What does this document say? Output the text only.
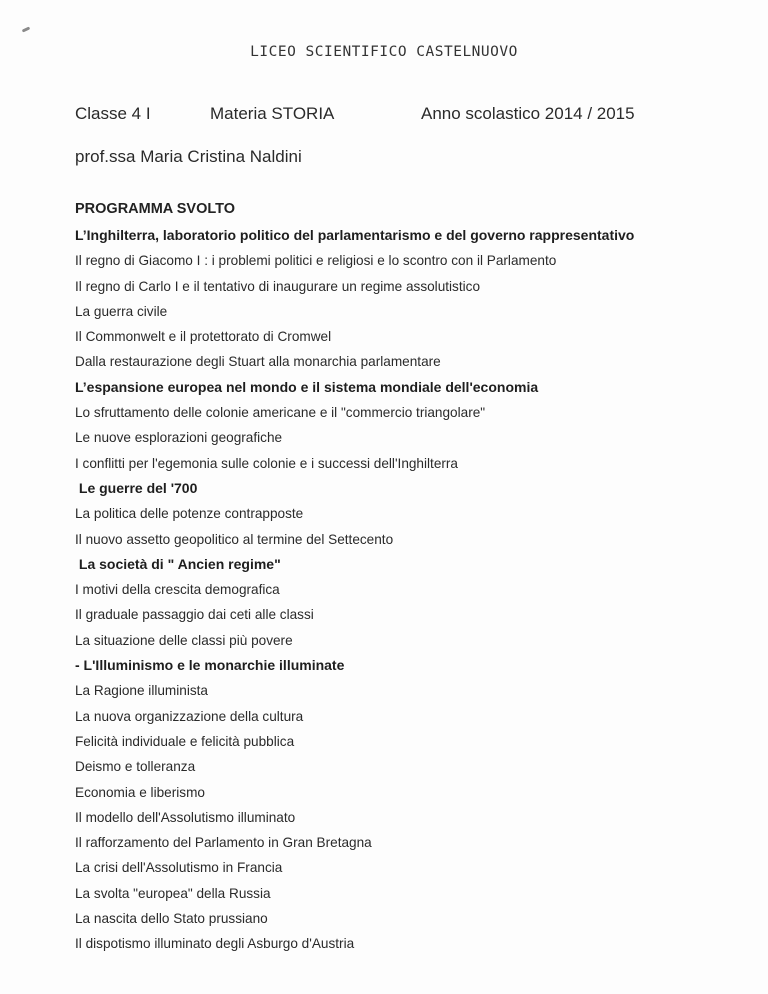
LICEO SCIENTIFICO CASTELNUOVO
Classe 4 I	Materia STORIA	Anno scolastico 2014 / 2015
prof.ssa Maria Cristina Naldini
PROGRAMMA SVOLTO
L’Inghilterra, laboratorio politico del parlamentarismo e del governo rappresentativo
Il regno di Giacomo I : i problemi politici e religiosi e lo scontro con il Parlamento
Il regno di Carlo I e il tentativo di inaugurare un regime assolutistico
La guerra civile
Il Commonwelt e il protettorato di Cromwel
Dalla restaurazione degli Stuart alla monarchia parlamentare
L’espansione europea nel mondo e il sistema mondiale dell'economia
Lo sfruttamento delle colonie americane e il "commercio triangolare"
Le nuove esplorazioni geografiche
I conflitti per l'egemonia sulle colonie e i successi dell'Inghilterra
Le guerre del '700
La politica delle potenze contrapposte
Il nuovo assetto geopolitico al termine del Settecento
La società di " Ancien regime"
I motivi della crescita demografica
Il graduale passaggio dai ceti alle classi
La situazione delle classi più povere
- L'Illuminismo e le monarchie illuminate
La Ragione illuminista
La nuova organizzazione della cultura
Felicità individuale e felicità pubblica
Deismo e tolleranza
Economia e liberismo
Il modello dell'Assolutismo illuminato
Il rafforzamento del Parlamento in Gran Bretagna
La crisi dell'Assolutismo in Francia
La svolta "europea" della Russia
La nascita dello Stato prussiano
Il dispotismo illuminato degli Asburgo d'Austria
